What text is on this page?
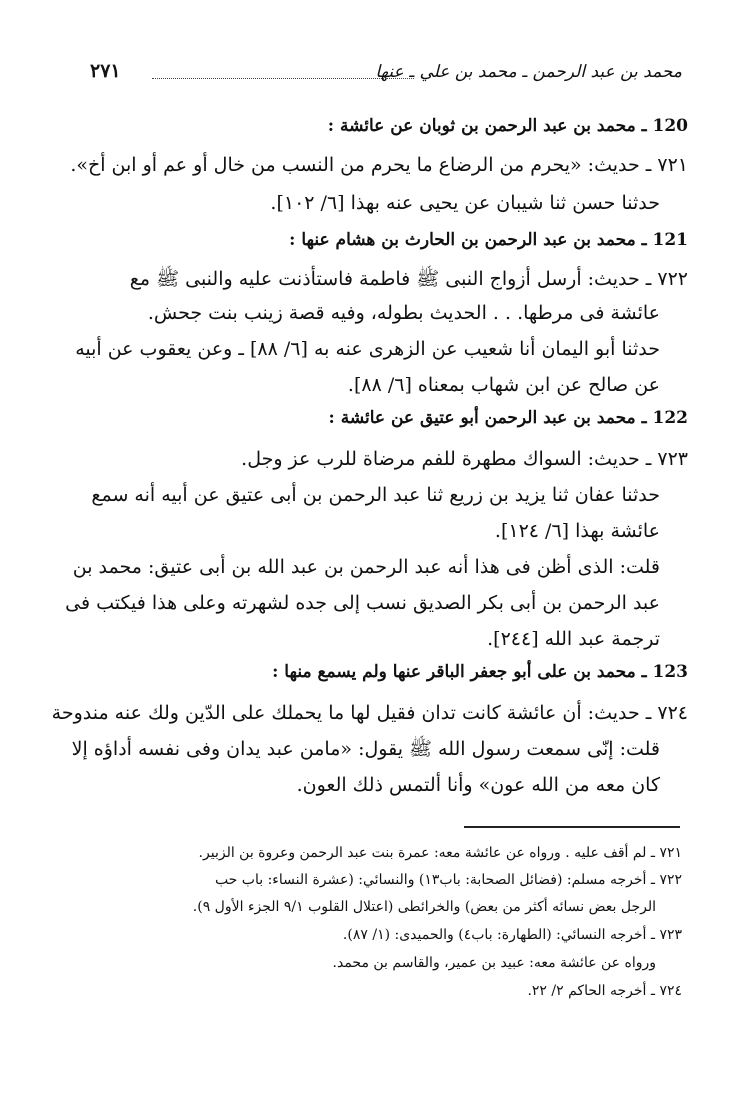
محمد بن عبد الرحمن ـ محمد بن علي ـ عنها
٢٧١
120 ـ محمد بن عبد الرحمن بن ثوبان عن عائشة :
٧٢١ ـ حديث: «يحرم من الرضاع ما يحرم من النسب من خال أو عم أو ابن أخ».
حدثنا حسن ثنا شيبان عن يحيى عنه بهذا [٦/ ١٠٢].
121 ـ محمد بن عبد الرحمن بن الحارث بن هشام عنها :
٧٢٢ ـ حديث: أرسل أزواج النبى ﷺ فاطمة فاستأذنت عليه والنبى ﷺ مع
عائشة فى مرطها. . . الحديث بطوله، وفيه قصة زينب بنت جحش.
حدثنا أبو اليمان أنا شعيب عن الزهرى عنه به [٦/ ٨٨] ـ وعن يعقوب عن أبيه
عن صالح عن ابن شهاب بمعناه [٦/ ٨٨].
122 ـ محمد بن عبد الرحمن أبو عتيق عن عائشة :
٧٢٣ ـ حديث: السواك مطهرة للفم مرضاة للرب عز وجل.
حدثنا عفان ثنا يزيد بن زريع ثنا عبد الرحمن بن أبى عتيق عن أبيه أنه سمع
عائشة بهذا [٦/ ١٢٤].
قلت: الذى أظن فى هذا أنه عبد الرحمن بن عبد الله بن أبى عتيق: محمد بن
عبد الرحمن بن أبى بكر الصديق نسب إلى جده لشهرته وعلى هذا فيكتب فى
ترجمة عبد الله [٢٤٤].
123 ـ محمد بن على أبو جعفر الباقر عنها ولم يسمع منها :
٧٢٤ ـ حديث: أن عائشة كانت تدان فقيل لها ما يحملك على الدّين ولك عنه مندوحة
قلت: إنّى سمعت رسول الله ﷺ يقول: «مامن عبد يدان وفى نفسه أداؤه إلا
كان معه من الله عون» وأنا ألتمس ذلك العون.
٧٢١ ـ لم أقف عليه . ورواه عن عائشة معه: عمرة بنت عبد الرحمن وعروة بن الزبير.
٧٢٢ ـ أخرجه مسلم: (فضائل الصحابة: باب١٣) والنسائي: (عشرة النساء: باب حب
الرجل بعض نسائه أكثر من بعض) والخرائطى (اعتلال القلوب ٩/١ الجزء الأول ٩).
٧٢٣ ـ أخرجه النسائي: (الطهارة: باب٤) والحميدى: (١/ ٨٧).
ورواه عن عائشة معه: عبيد بن عمير، والقاسم بن محمد.
٧٢٤ ـ أخرجه الحاكم ٢/ ٢٢.
